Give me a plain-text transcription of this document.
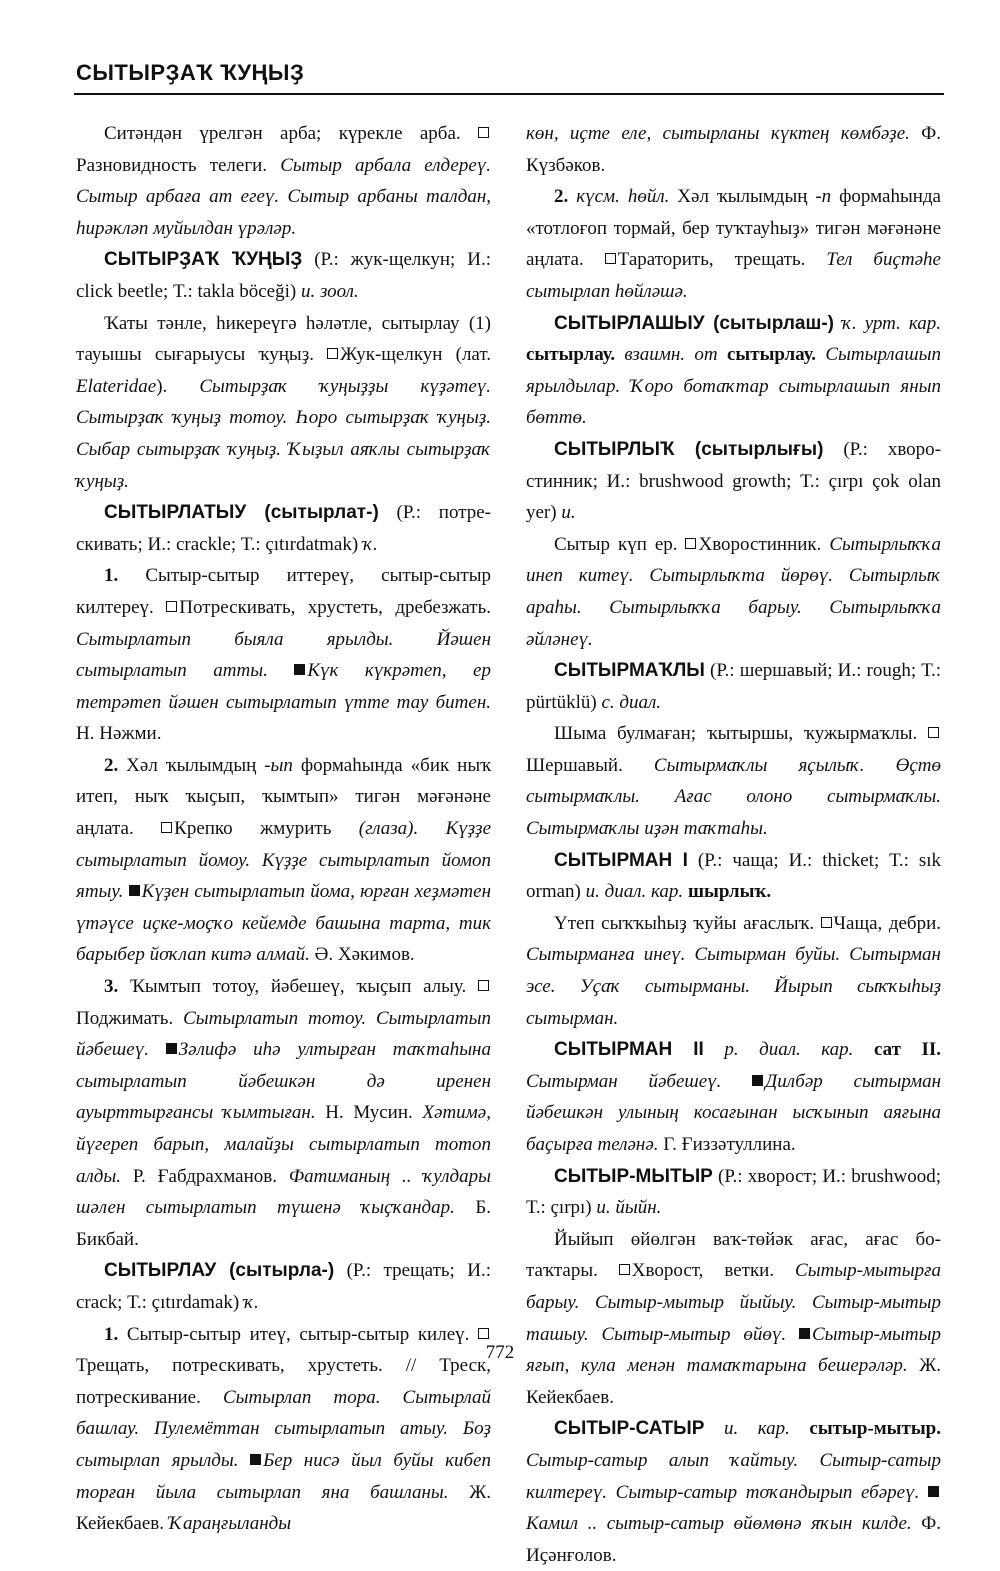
СЫТЫРҘАҠ ҠУҢЫҘ

Ситәндән үрелгән арба; күрекле арба. Разновидность телеги. Сытыр арбала елдереү. Сытыр арбаға ат егеү. Сытыр арбаны талдан, һирәкләп муйылдан үрәләр.

СЫТЫРҘАҠ ҠУҢЫҘ (Р.: жук-щелкун; И.: click beetle; Т.: takla böceği) и. зоол.

Ҡаты тәнле, һикереүгә һәләтле, сытырлау (1) тауышы сығарыусы ҡуңыҙ. Жук-щелкун (лат. Elateridae). Сытырҙаҡ ҡуңыҙҙы күҙәтеү. Сытырҙаҡ ҡуңыҙ тотоу. Һоро сытырҙаҡ ҡуңыҙ. Сыбар сытырҙаҡ ҡуңыҙ. Ҡыҙыл аяҡлы сытырҙаҡ ҡуңыҙ.

СЫТЫРЛАТЫУ (сытырлат-) (Р.: потрескивать; И.: crackle; Т.: çıtırdatmak) ҡ.

1. Сытыр-сытыр иттереү, сытыр-сытыр килтереү. Потрескивать, хрустеть, дребезжать. Сытырлатып быяла ярылды. Йәшен сытырлатып атты. Күк күкрәтеп, ер тетрәтеп йәшен сытырлатып үтте тау битен. Н. Нәжми.

2. Хәл ҡылымдың -ып формаһында «бик ныҡ итеп, ныҡ ҡыҫып, ҡымтып» тигән мәғәнәне аңлата. Крепко жмурить (глаза). Күҙҙе сытырлатып йомоу. Күҙҙе сытырлатып йомоп ятыу. Күҙен сытырлатып йома, юрған хеҙмәтен үтәүсе иҫке-моҫҡо кейемде башына тарта, тик барыбер йоҡлап китә алмай. Ә. Хәкимов.

3. Ҡымтып тотоу, йәбешеү, ҡыҫып алыу. Поджимать. Сытырлатып тотоу. Сытырлатып йәбешеү. Зәлифә иһә ултырған таҡтаһына сытырлатып йәбешкән дә иренен ауырттырғансы ҡымтыған. Н. Мусин. Хәтимә, йүгереп барып, малайҙы сытырлатып тотоп алды. Р. Ғабдрахманов. Фатиманың .. ҡулдары шәлен сытырлатып түшенә ҡыҫҡандар. Б. Бикбай.

СЫТЫРЛАУ (сытырла-) (Р.: трещать; И.: crack; Т.: çıtırdamak) ҡ.

1. Сытыр-сытыр итеү, сытыр-сытыр килеү. Трещать, потрескивать, хрустеть. // Треск, потрескивание. Сытырлап тора. Сытырлай башлау. Пулемёттан сытырлатып атыу. Боҙ сытырлап ярылды. Бер нисә йыл буйы кибеп торған йыла сытырлап яна башланы. Ж. Кейекбаев. Ҡараңғыланды

көн, иҫте еле, сытырланы күктең көмбәҙе. Ф. Күзбәков.

2. күсм. һөйл. Хәл ҡылымдың -п формаһында «тотлоғоп тормай, бер туҡтауһыҙ» тигән мәғәнәне аңлата. Тараторить, трещать. Тел биҫтәһе сытырлап һөйләшә.

СЫТЫРЛАШЫУ (сытырлаш-) ҡ. урт. кар. сытырлау. взаимн. от сытырлау. Сытырлашып ярылдылар. Ҡоро ботаҡтар сытырлашып янып бөттө.

СЫТЫРЛЫҠ (сытырлығы) (Р.: хворостинник; И.: brushwood growth; Т.: çırpı çok olan yer) и.

Сытыр күп ер. Хворостинник. Сытырлыҡҡа инеп китеү. Сытырлыҡта йөрөү. Сытырлыҡ араһы. Сытырлыҡҡа барыу. Сытырлыҡҡа әйләнеү.

СЫТЫРМАҠЛЫ (Р.: шершавый; И.: rough; Т.: pürtüklü) с. диал.

Шыма булмаған; ҡытыршы, ҡужырмаҡлы. Шершавый. Сытырмаҡлы яҫылыҡ. Өҫтө сытырмаҡлы. Ағас олоно сытырмаҡлы. Сытырмаҡлы иҙән таҡтаһы.

СЫТЫРМАН I (Р.: чаща; И.: thicket; Т.: sık orman) и. диал. кар. шырлыҡ.

Үтеп сыҡҡыһыҙ ҡуйы ағаслыҡ. Чаща, дебри. Сытырманға инеү. Сытырман буйы. Сытырман эсе. Уҫаҡ сытырманы. Йырып сыҡҡыһыҙ сытырман.

СЫТЫРМАН II р. диал. кар. сат II. Сытырман йәбешеү. Дилбәр сытырман йәбешкән улының косағынан ысҡынып аяғына баҫырға теләнə. Г. Ғиззәтуллина.

СЫТЫР-МЫТЫР (Р.: хворост; И.: brushwood; Т.: çırpı) и. йыйн.

Йыйып өйөлгән ваҡ-төйәк ағас, ағас ботаҡтары. Хворост, ветки. Сытыр-мытырға барыу. Сытыр-мытыр йыйыу. Сытыр-мытыр ташыу. Сытыр-мытыр өйөү. Сытыр-мытыр яғып, кула менән тамаҡтарына бешерәләр. Ж. Кейекбаев.

СЫТЫР-САТЫР и. кар. сытыр-мытыр. Сытыр-сатыр алып ҡайтыу. Сытыр-сатыр килтереү. Сытыр-сатыр тоҡандырып ебәреү. Камил .. сытыр-сатыр өйөмөнә яҡын килде. Ф. Иҫәнғолов.

772
